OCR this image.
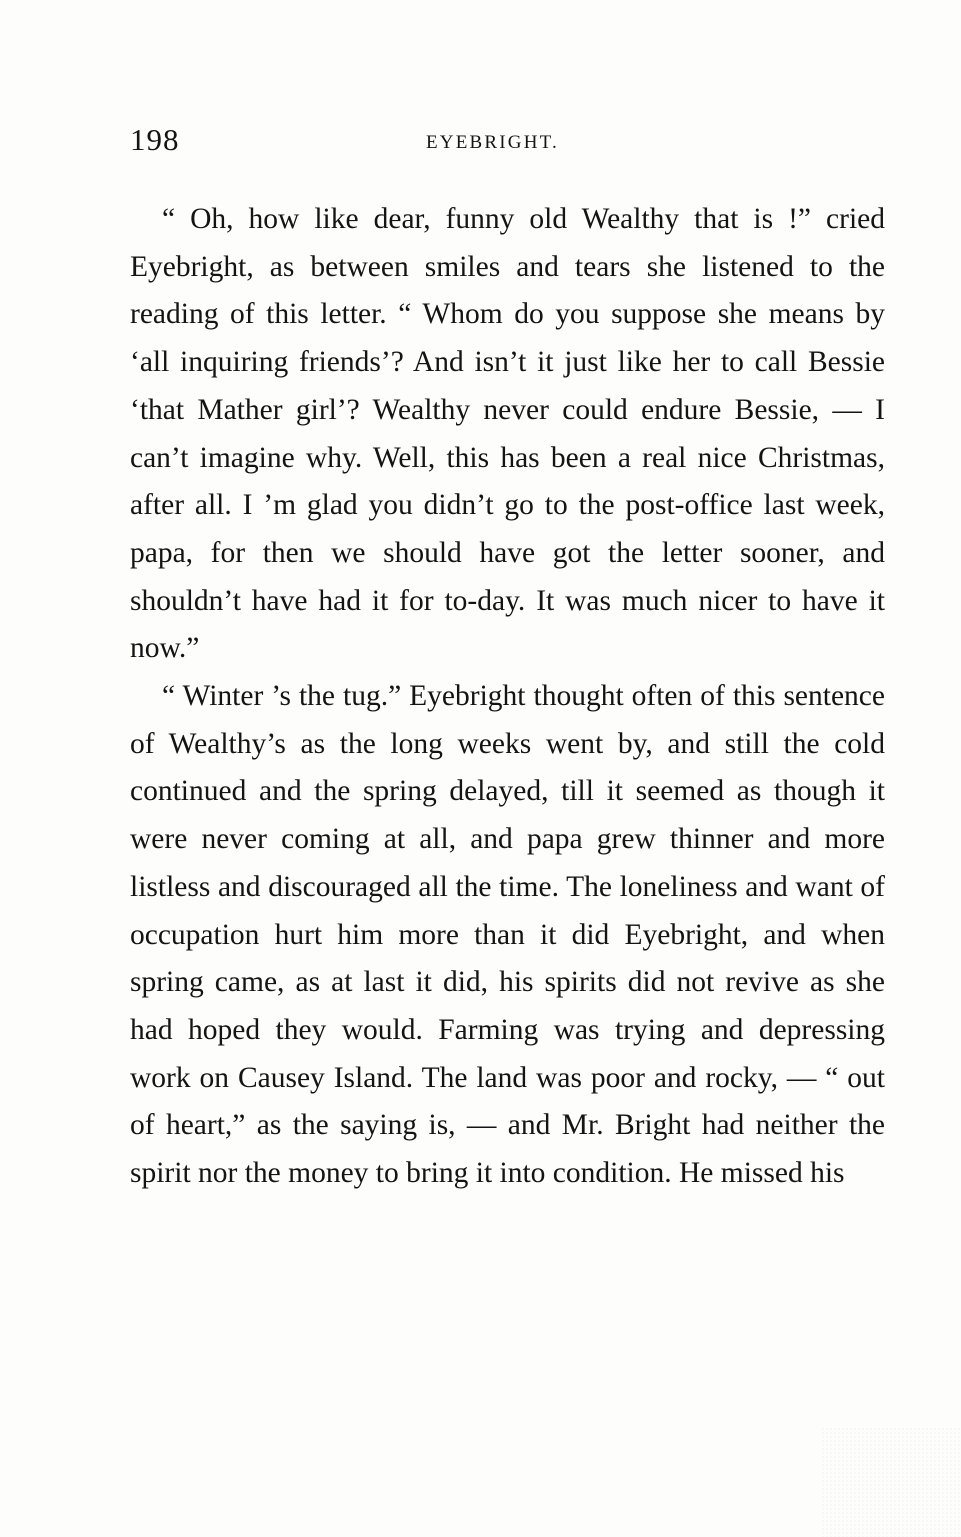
198	EYEBRIGHT.

“ Oh, how like dear, funny old Wealthy that is !” cried Eyebright, as between smiles and tears she listened to the reading of this letter. “ Whom do you suppose she means by ‘all inquiring friends’? And isn’t it just like her to call Bessie ‘that Mather girl’? Wealthy never could endure Bessie, — I can’t imagine why. Well, this has been a real nice Christmas, after all. I ’m glad you didn’t go to the post-office last week, papa, for then we should have got the letter sooner, and shouldn’t have had it for to-day. It was much nicer to have it now.”

“ Winter ’s the tug.” Eyebright thought often of this sentence of Wealthy’s as the long weeks went by, and still the cold continued and the spring delayed, till it seemed as though it were never coming at all, and papa grew thinner and more listless and discouraged all the time. The loneliness and want of occupation hurt him more than it did Eyebright, and when spring came, as at last it did, his spirits did not revive as she had hoped they would. Farming was trying and depressing work on Causey Island. The land was poor and rocky, — “ out of heart,” as the saying is, — and Mr. Bright had neither the spirit nor the money to bring it into condition. He missed his
